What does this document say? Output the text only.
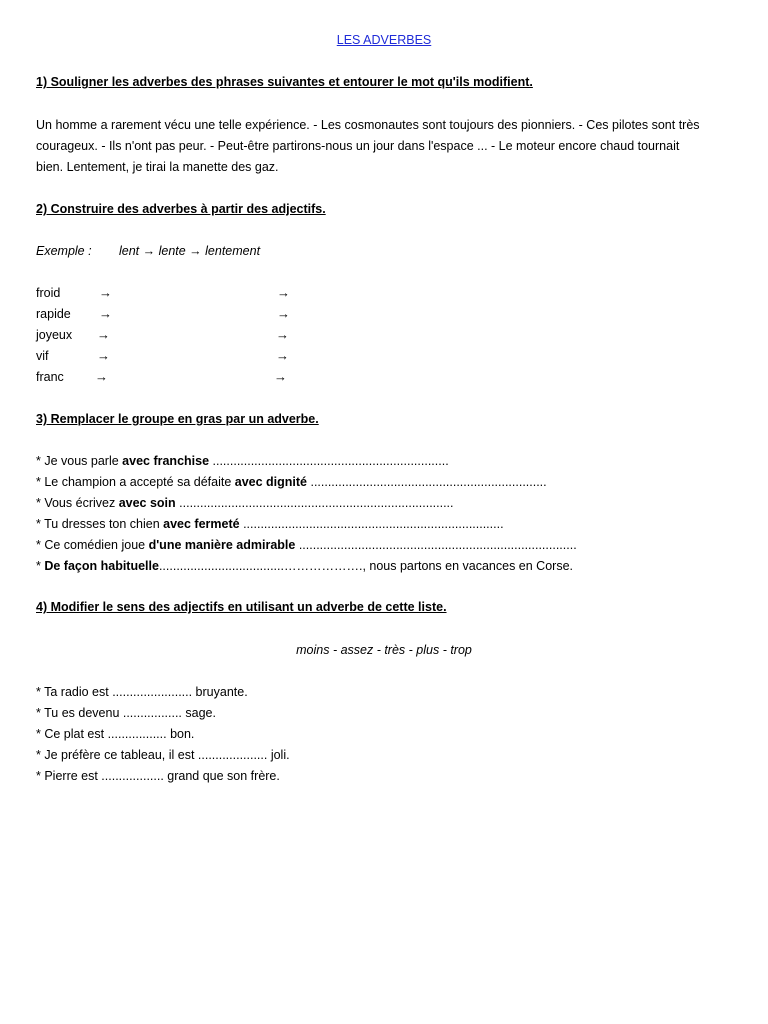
LES ADVERBES
1) Souligner les adverbes des phrases suivantes et entourer le mot qu'ils modifient.
Un homme a rarement vécu une telle expérience. - Les cosmonautes sont toujours des pionniers. - Ces pilotes sont très
courageux. - Ils n'ont pas peur. - Peut-être partirons-nous un jour dans l'espace ... - Le moteur encore chaud tournait
bien. Lentement, je tirai la manette des gaz.
2) Construire des adverbes à partir des adjectifs.
Exemple : lent → lente → lentement
froid	→	→
rapide →	→
joyeux →	→
vif	→	→
franc →	→
3) Remplacer le groupe en gras par un adverbe.
* Je vous parle avec franchise ....................................................................
* Le champion a accepté sa défaite avec dignité ....................................................................
* Vous écrivez avec soin ...............................................................................
* Tu dresses ton chien avec fermeté ...........................................................................
* Ce comédien joue d'une manière admirable ................................................................................
* De façon habituelle....................................………………., nous partons en vacances en Corse.
4) Modifier le sens des adjectifs en utilisant un adverbe de cette liste.
moins - assez - très - plus - trop
* Ta radio est ....................... bruyante.
* Tu es devenu ................. sage.
* Ce plat est ................. bon.
* Je préfère ce tableau, il est .................... joli.
* Pierre est .................. grand que son frère.
